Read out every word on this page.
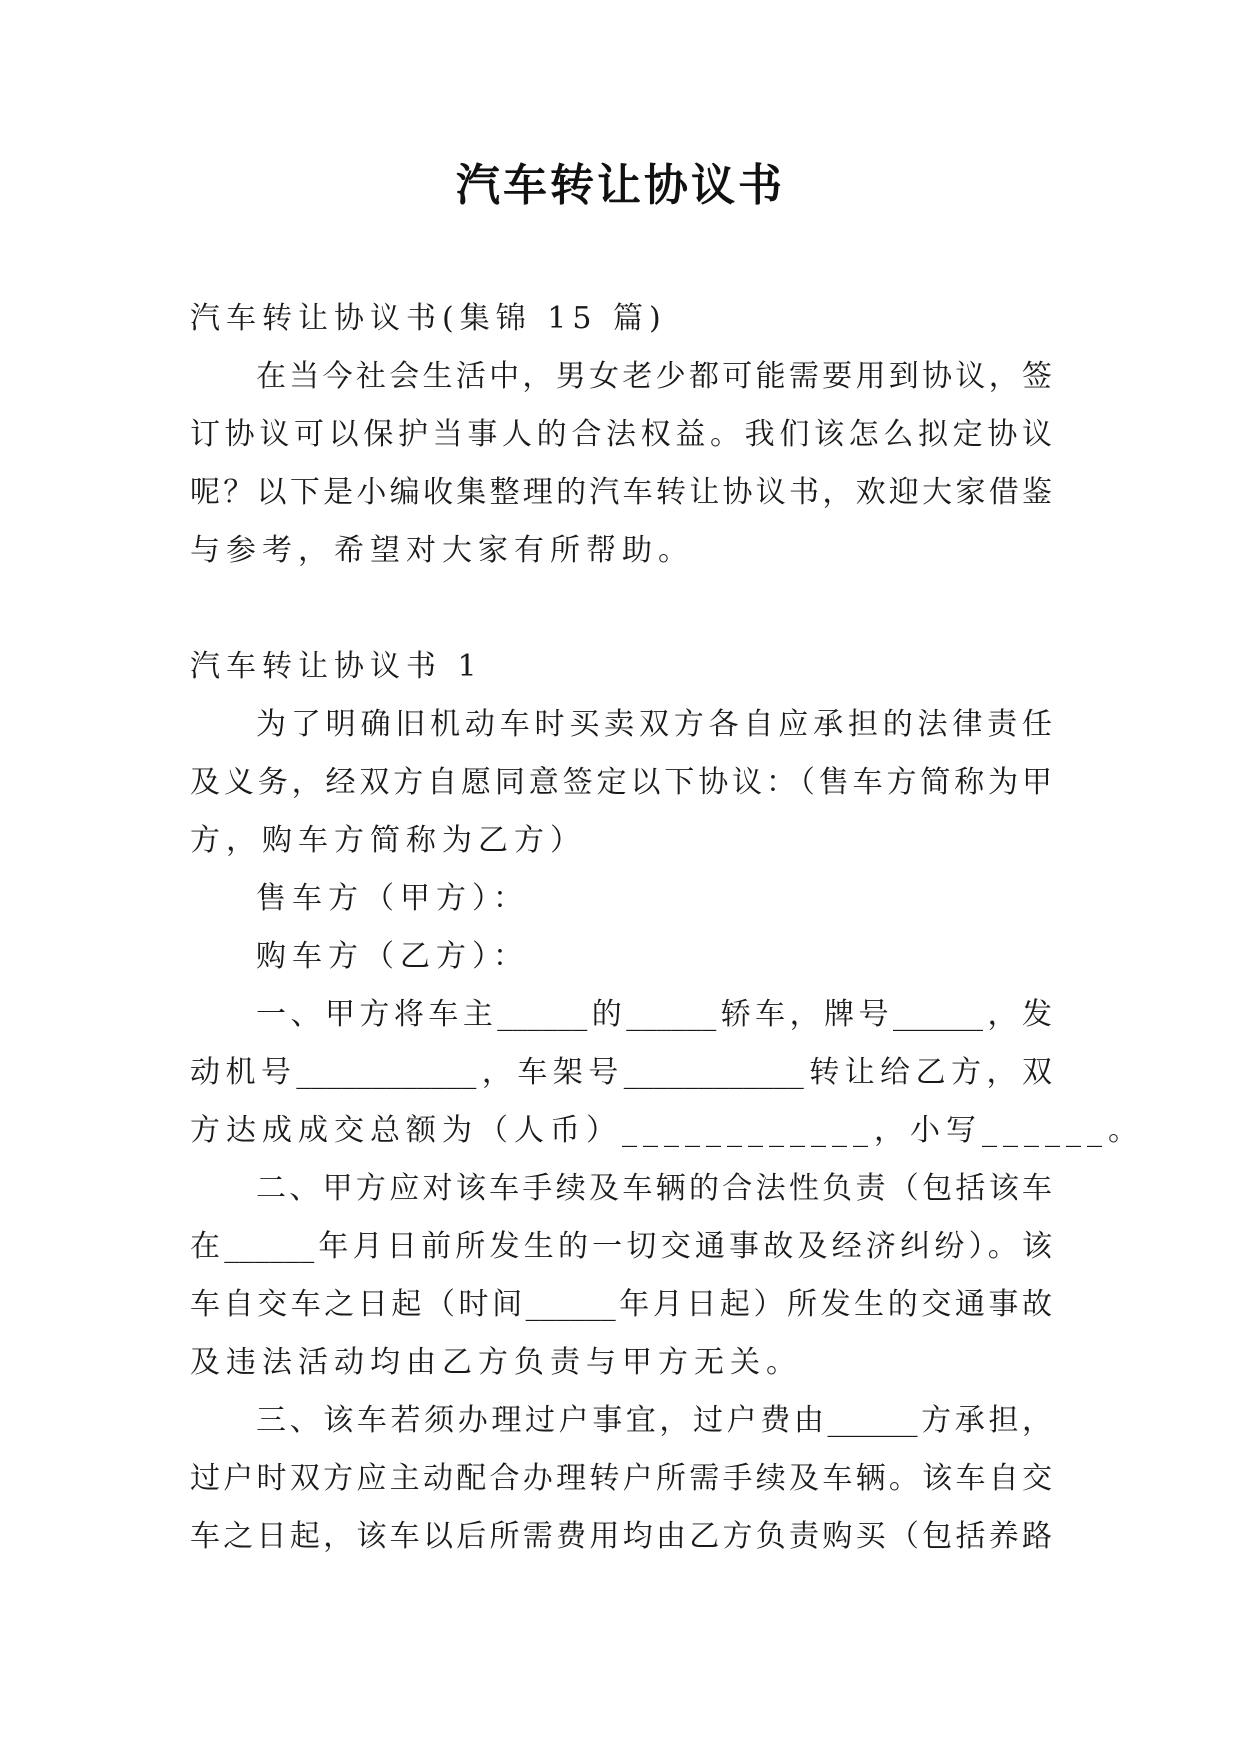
汽车转让协议书

汽车转让协议书(集锦 15 篇)

在当今社会生活中，男女老少都可能需要用到协议，签

订协议可以保护当事人的合法权益。我们该怎么拟定协议

呢？以下是小编收集整理的汽车转让协议书，欢迎大家借鉴

与参考，希望对大家有所帮助。

汽车转让协议书 1

为了明确旧机动车时买卖双方各自应承担的法律责任

及义务，经双方自愿同意签定以下协议：（售车方简称为甲

方，购车方简称为乙方）

售车方（甲方）：

购车方（乙方）：

一、甲方将车主______的______轿车，牌号______，发

动机号____________，车架号____________转让给乙方，双

方达成成交总额为（人币）____________，小写______。

二、甲方应对该车手续及车辆的合法性负责（包括该车

在______年月日前所发生的一切交通事故及经济纠纷）。该

车自交车之日起（时间______年月日起）所发生的交通事故

及违法活动均由乙方负责与甲方无关。

三、该车若须办理过户事宜，过户费由______方承担，

过户时双方应主动配合办理转户所需手续及车辆。该车自交

车之日起，该车以后所需费用均由乙方负责购买（包括养路
